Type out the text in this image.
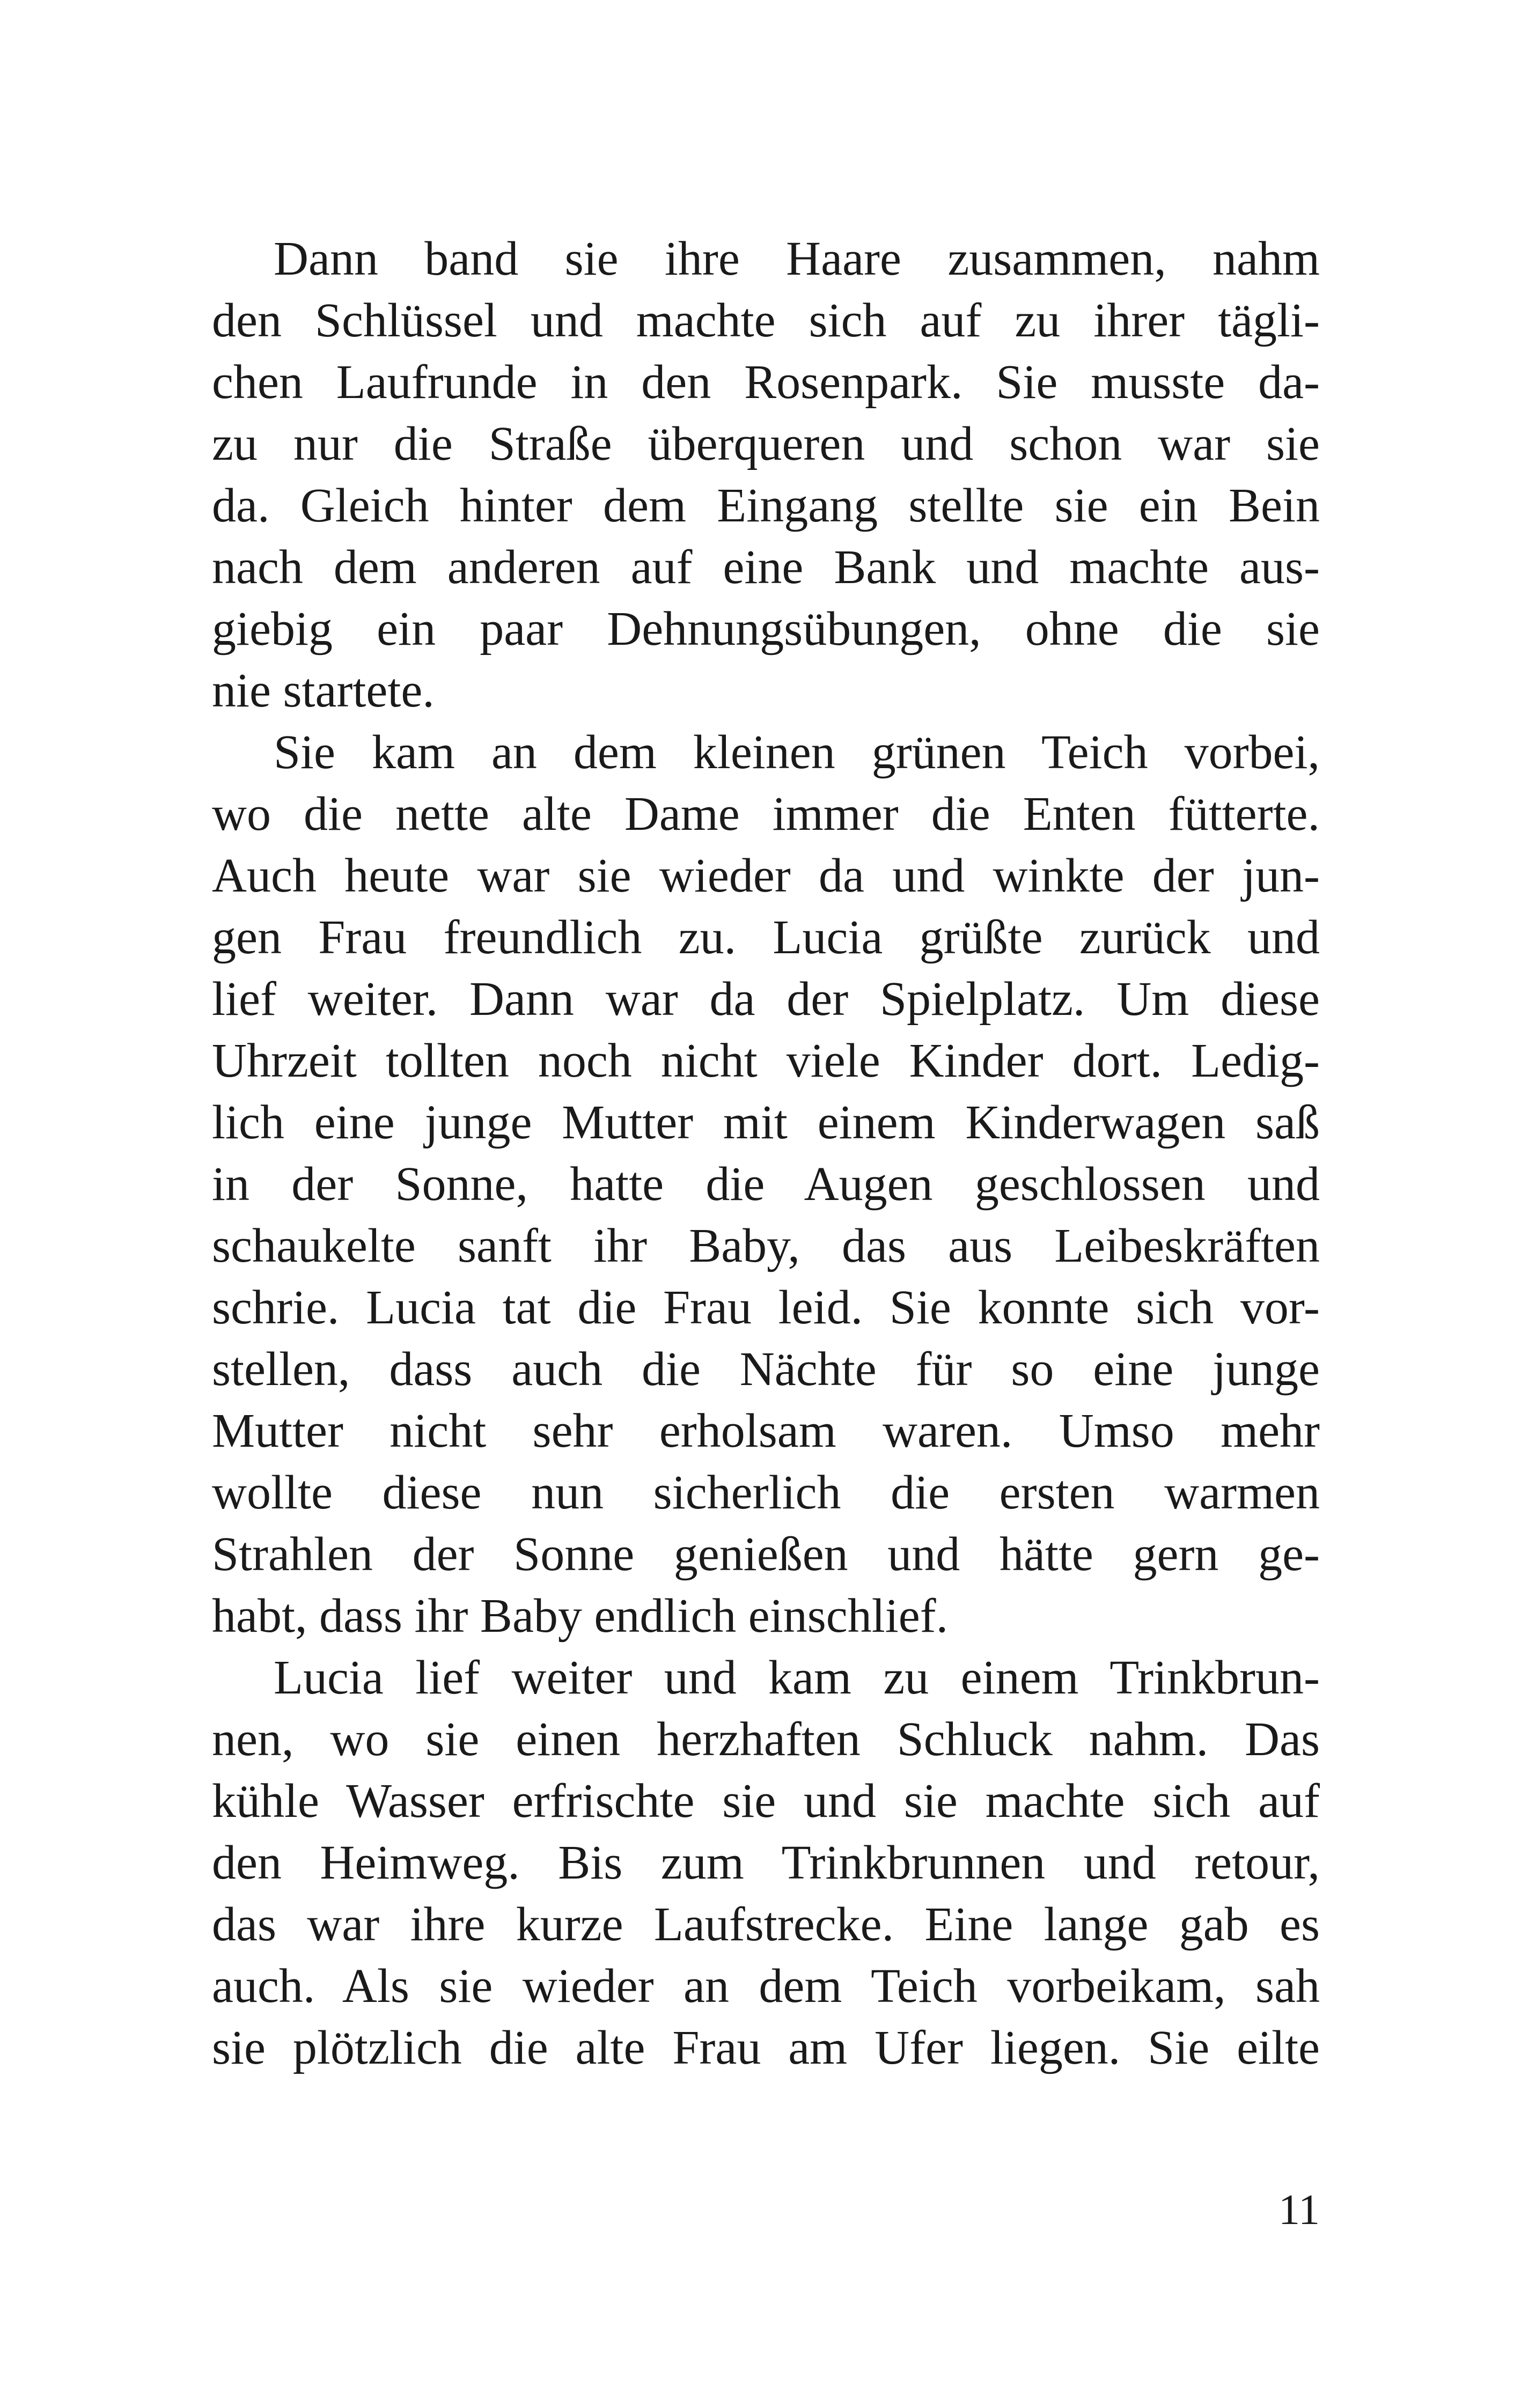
Dann band sie ihre Haare zusammen, nahm
den Schlüssel und machte sich auf zu ihrer tägli-
chen Laufrunde in den Rosenpark. Sie musste da-
zu nur die Straße überqueren und schon war sie
da. Gleich hinter dem Eingang stellte sie ein Bein
nach dem anderen auf eine Bank und machte aus-
giebig ein paar Dehnungsübungen, ohne die sie
nie startete.
Sie kam an dem kleinen grünen Teich vorbei,
wo die nette alte Dame immer die Enten fütterte.
Auch heute war sie wieder da und winkte der jun-
gen Frau freundlich zu. Lucia grüßte zurück und
lief weiter. Dann war da der Spielplatz. Um diese
Uhrzeit tollten noch nicht viele Kinder dort. Ledig-
lich eine junge Mutter mit einem Kinderwagen saß
in der Sonne, hatte die Augen geschlossen und
schaukelte sanft ihr Baby, das aus Leibeskräften
schrie. Lucia tat die Frau leid. Sie konnte sich vor-
stellen, dass auch die Nächte für so eine junge
Mutter nicht sehr erholsam waren. Umso mehr
wollte diese nun sicherlich die ersten warmen
Strahlen der Sonne genießen und hätte gern ge-
habt, dass ihr Baby endlich einschlief.
Lucia lief weiter und kam zu einem Trinkbrun-
nen, wo sie einen herzhaften Schluck nahm. Das
kühle Wasser erfrischte sie und sie machte sich auf
den Heimweg. Bis zum Trinkbrunnen und retour,
das war ihre kurze Laufstrecke. Eine lange gab es
auch. Als sie wieder an dem Teich vorbeikam, sah
sie plötzlich die alte Frau am Ufer liegen. Sie eilte
11
